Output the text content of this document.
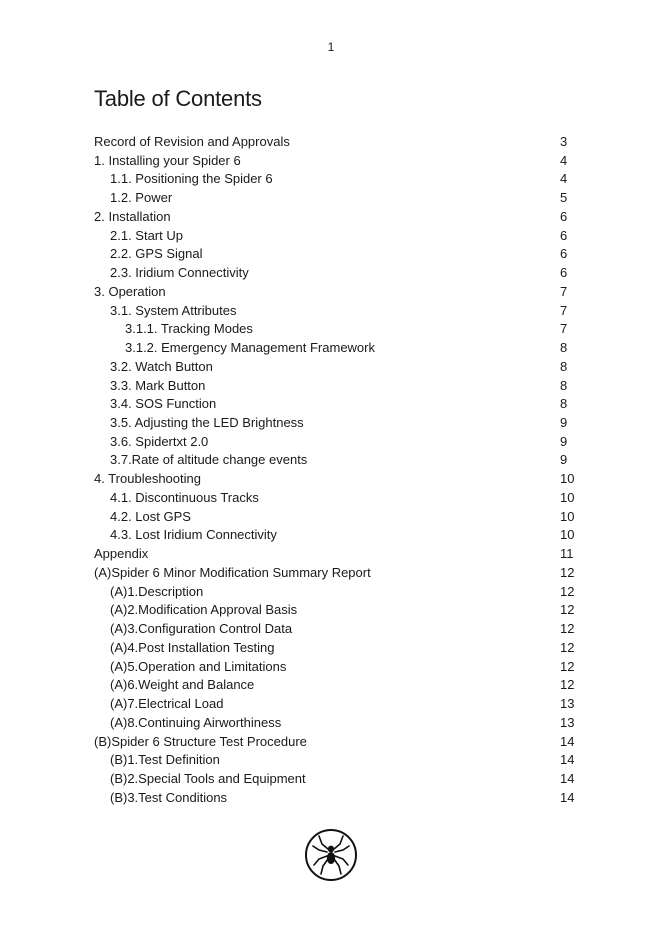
1
Table of Contents
Record of Revision and Approvals	3
1. Installing your Spider 6	4
1.1. Positioning the Spider 6	4
1.2. Power	5
2. Installation	6
2.1. Start Up	6
2.2. GPS Signal	6
2.3. Iridium Connectivity	6
3. Operation	7
3.1. System Attributes	7
3.1.1. Tracking Modes	7
3.1.2. Emergency Management Framework	8
3.2. Watch Button	8
3.3. Mark Button	8
3.4. SOS Function	8
3.5. Adjusting the LED Brightness	9
3.6. Spidertxt 2.0	9
3.7.Rate of altitude change events	9
4. Troubleshooting	10
4.1. Discontinuous Tracks	10
4.2. Lost GPS	10
4.3. Lost Iridium Connectivity	10
Appendix	11
(A)Spider 6 Minor Modification Summary Report	12
(A)1.Description	12
(A)2.Modification Approval Basis	12
(A)3.Configuration Control Data	12
(A)4.Post Installation Testing	12
(A)5.Operation and Limitations	12
(A)6.Weight and Balance	12
(A)7.Electrical Load	13
(A)8.Continuing Airworthiness	13
(B)Spider 6 Structure Test Procedure	14
(B)1.Test Definition	14
(B)2.Special Tools and Equipment	14
(B)3.Test Conditions	14
